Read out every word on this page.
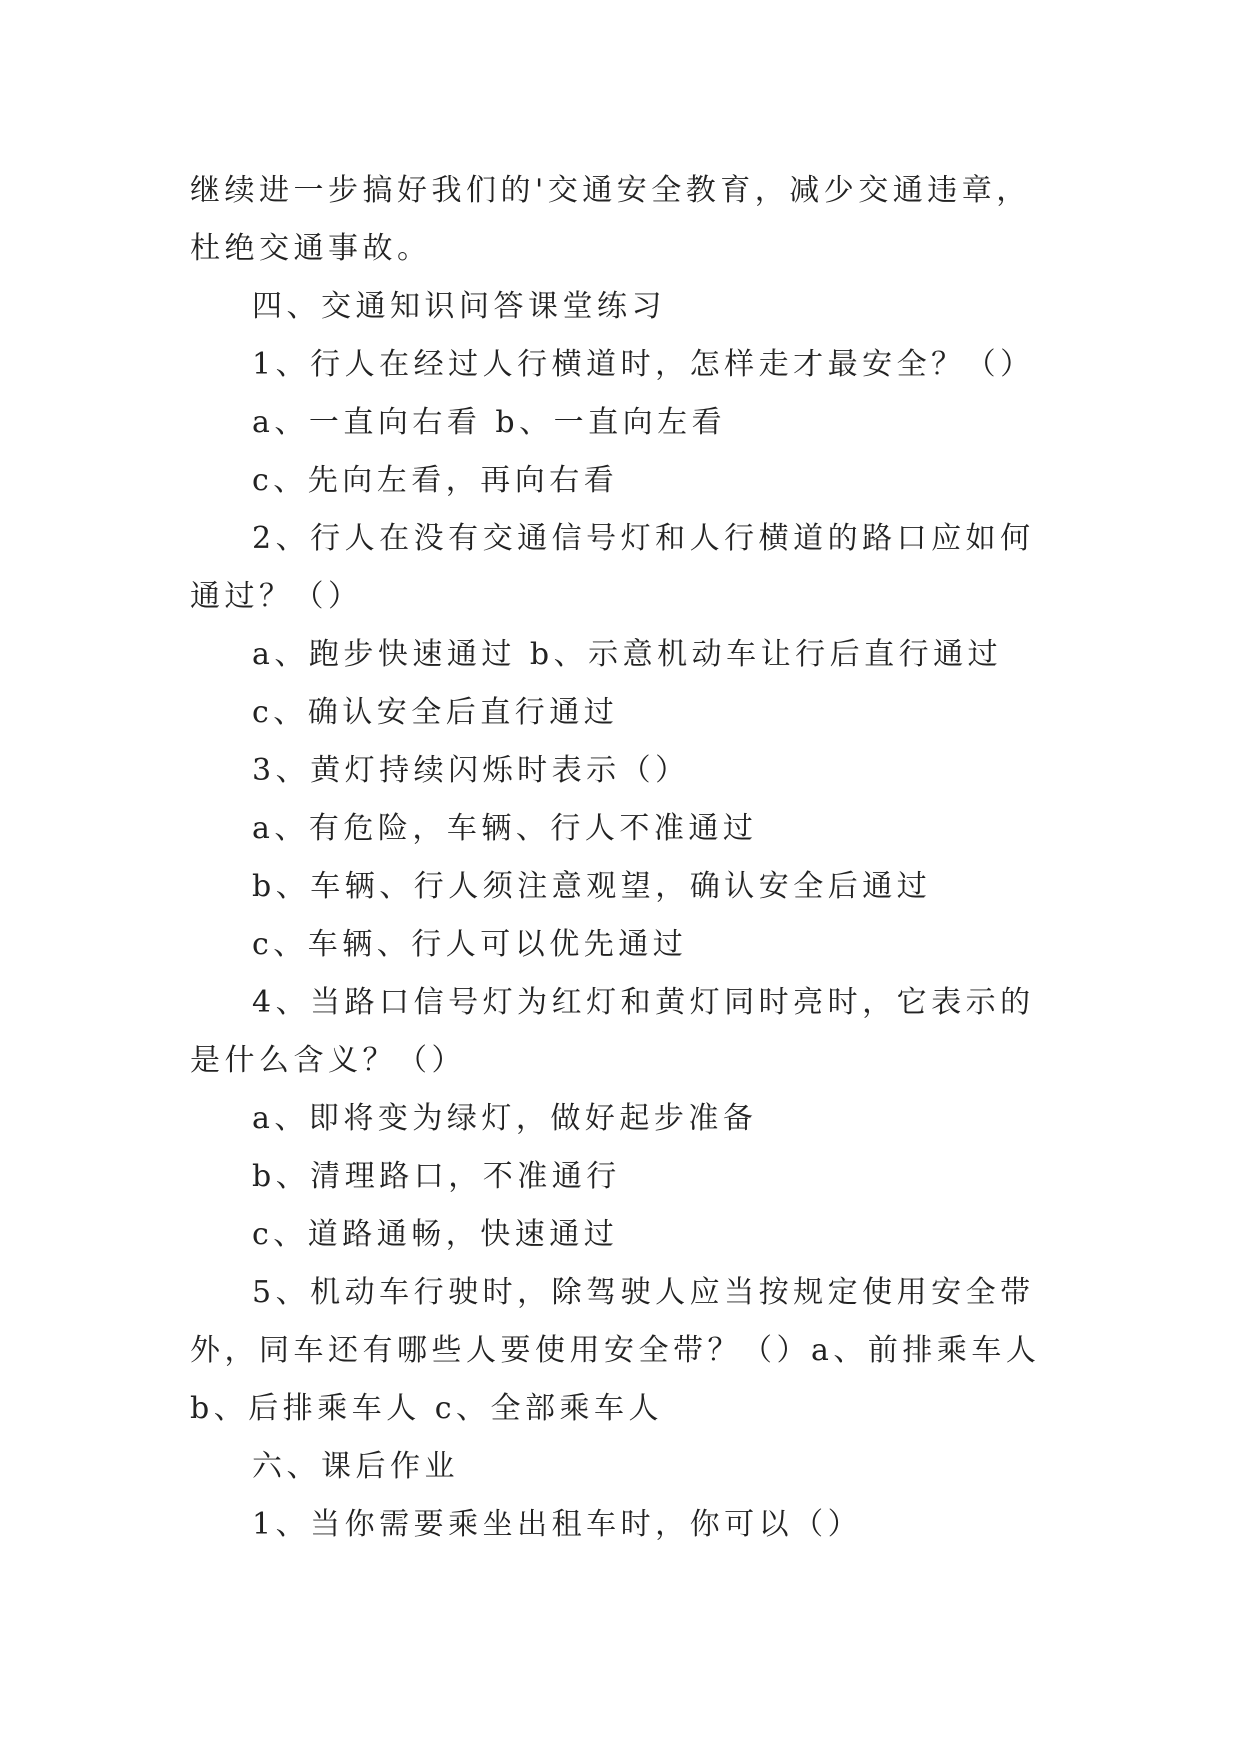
继续进一步搞好我们的'交通安全教育，减少交通违章，杜绝交通事故。

四、交通知识问答课堂练习

1、行人在经过人行横道时，怎样走才最安全？（）

a、一直向右看 b、一直向左看

c、先向左看，再向右看

2、行人在没有交通信号灯和人行横道的路口应如何通过？（）

a、跑步快速通过 b、示意机动车让行后直行通过

c、确认安全后直行通过

3、黄灯持续闪烁时表示（）

a、有危险，车辆、行人不准通过

b、车辆、行人须注意观望，确认安全后通过

c、车辆、行人可以优先通过

4、当路口信号灯为红灯和黄灯同时亮时，它表示的是什么含义？（）

a、即将变为绿灯，做好起步准备

b、清理路口，不准通行

c、道路通畅，快速通过

5、机动车行驶时，除驾驶人应当按规定使用安全带外，同车还有哪些人要使用安全带？（）a、前排乘车人 b、后排乘车人 c、全部乘车人

六、课后作业

1、当你需要乘坐出租车时，你可以（）
